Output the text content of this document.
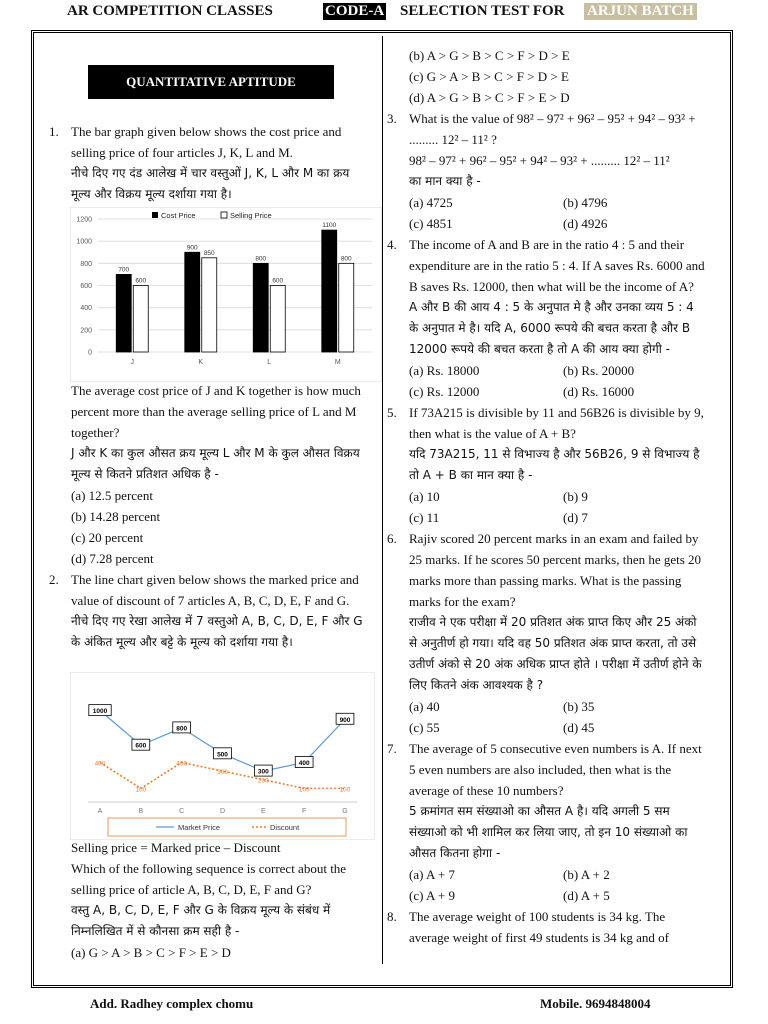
AR COMPETITION CLASSES	CODE-A SELECTION TEST FOR ARJUN BATCH
QUANTITATIVE APTITUDE
1. The bar graph given below shows the cost price and selling price of four articles J, K, L and M.

नीचे दिए गए दंड आलेख में चार वस्तुओं J, K, L और M का क्रय मूल्य और विक्रय मूल्य दर्शाया गया है।

0
200
400
600
800
1000
1200
700
600
J
900
850
K
800
600
L
1100
800
M
Cost Price	Selling Price

The average cost price of J and K together is how much percent more than the average selling price of L and M together?

J और K का कुल औसत क्रय मूल्य L और M के कुल औसत विक्रय मूल्य से कितने प्रतिशत अधिक है -

(a) 12.5 percent

(b) 14.28 percent

(c) 20 percent

(d) 7.28 percent

2. The line chart given below shows the marked price and value of discount of 7 articles A, B, C, D, E, F and G.

नीचे दिए गए रेखा आलेख में 7 वस्तुओ A, B, C, D, E, F और G के अंकित मूल्य और बट्टे के मूल्य को दर्शाया गया है।

A	B	C	D	E	F	G
1000
600
800
500
300
400
900
400
100
400
300
200
100	100
Market Price	Discount

Selling price = Marked price – Discount

Which of the following sequence is correct about the selling price of article A, B, C, D, E, F and G?

वस्तु A, B, C, D, E, F और G के विक्रय मूल्य के संबंध में निम्नलिखित में से कौनसा क्रम सही है -

(a) G > A > B > C > F > E > D

(b) A > G > B > C > F > D > E

(c) G > A > B > C > F > D > E

(d) A > G > B > C > F > E > D

3. What is the value of 98² – 97² + 96² – 95² + 94² – 93² + ......... 12² – 11² ?

98² – 97² + 96² – 95² + 94² – 93² + ......... 12² – 11²

का मान क्या है -

(a) 4725	(b) 4796
(c) 4851	(d) 4926
4. The income of A and B are in the ratio 4 : 5 and their expenditure are in the ratio 5 : 4. If A saves Rs. 6000 and B saves Rs. 12000, then what will be the income of A?

A और B की आय 4 : 5 के अनुपात मे है और उनका व्यय 5 : 4 के अनुपात मे है। यदि A, 6000 रूपये की बचत करता है और B 12000 रूपये की बचत करता है तो A की आय क्या होगी -

(a) Rs. 18000	(b) Rs. 20000
(c) Rs. 12000	(d) Rs. 16000
5. If 73A215 is divisible by 11 and 56B26 is divisible by 9, then what is the value of A + B?

यदि 73A215, 11 से विभाज्य है और 56B26, 9 से विभाज्य है तो A + B का मान क्या है -

(a) 10	(b) 9
(c) 11	(d) 7
6. Rajiv scored 20 percent marks in an exam and failed by 25 marks. If he scores 50 percent marks, then he gets 20 marks more than passing marks. What is the passing marks for the exam?

राजीव ने एक परीक्षा में 20 प्रतिशत अंक प्राप्त किए और 25 अंको से अनुतीर्ण हो गया। यदि वह 50 प्रतिशत अंक प्राप्त करता, तो उसे उतीर्ण अंको से 20 अंक अधिक प्राप्त होते । परीक्षा में उतीर्ण होने के लिए कितने अंक आवश्यक है ?

(a) 40	(b) 35
(c) 55	(d) 45
7. The average of 5 consecutive even numbers is A. If next 5 even numbers are also included, then what is the average of these 10 numbers?

5 क्रमांगत सम संख्याओ का औसत A है। यदि अगली 5 सम संख्याओ को भी शामिल कर लिया जाए, तो इन 10 संख्याओ का औसत कितना होगा -

(a) A + 7	(b) A + 2
(c) A + 9	(d) A + 5
8. The average weight of 100 students is 34 kg. The average weight of first 49 students is 34 kg and of

Add. Radhey complex chomu	Mobile. 9694848004
